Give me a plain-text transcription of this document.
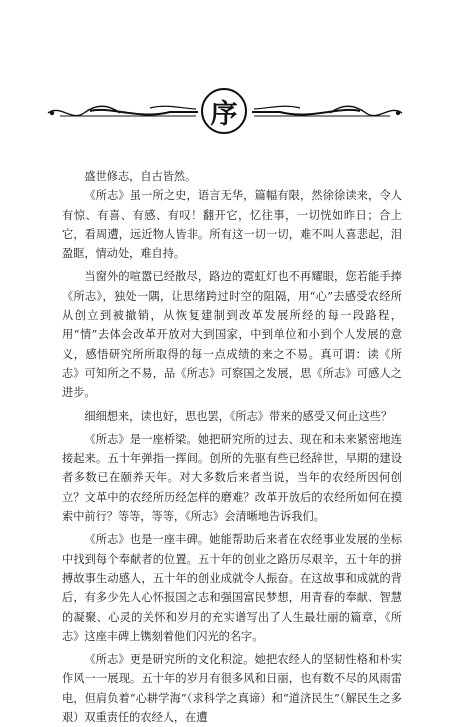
序

盛世修志，自古皆然。

《所志》虽一所之史，语言无华，篇幅有限，然徐徐读来，令人有惊、有喜、有感、有叹！翻开它，忆往事，一切恍如昨日；合上它，看周遭，远近物人皆非。所有这一切一切，难不叫人喜悲起，泪盈眶，情动处，难自持。

当窗外的喧嚣已经散尽，路边的霓虹灯也不再耀眼，您若能手捧《所志》，独处一隅，让思绪跨过时空的阻隔，用“心”去感受农经所从创立到被撤销，从恢复建制到改革发展所经的每一段路程，用“情”去体会改革开放对大到国家，中到单位和小到个人发展的意义，感悟研究所所取得的每一点成绩的来之不易。真可谓：读《所志》可知所之不易，品《所志》可察国之发展，思《所志》可感人之进步。

细细想来，读也好，思也罢，《所志》带来的感受又何止这些？

《所志》是一座桥梁。她把研究所的过去、现在和未来紧密地连接起来。五十年弹指一挥间。创所的先驱有些已经辞世，早期的建设者多数已在颐养天年。对大多数后来者当说，当年的农经所因何创立？文革中的农经所历经怎样的磨难？改革开放后的农经所如何在摸索中前行？等等，等等，《所志》会清晰地告诉我们。

《所志》也是一座丰碑。她能帮助后来者在农经事业发展的坐标中找到每个奉献者的位置。五十年的创业之路历尽艰辛，五十年的拼搏故事生动感人，五十年的创业成就令人振奋。在这故事和成就的背后，有多少先人心怀报国之志和强国富民梦想，用青春的奉献、智慧的凝聚、心灵的关怀和岁月的充实谱写出了人生最壮丽的篇章，《所志》这座丰碑上镌刻着他们闪光的名字。

《所志》更是研究所的文化积淀。她把农经人的坚韧性格和朴实作风一一展现。五十年的岁月有很多风和日丽，也有数不尽的风雨雷电，但肩负着“心耕学海”（求科学之真谛）和“道济民生”（解民生之多艰）双重责任的农经人，在遭
